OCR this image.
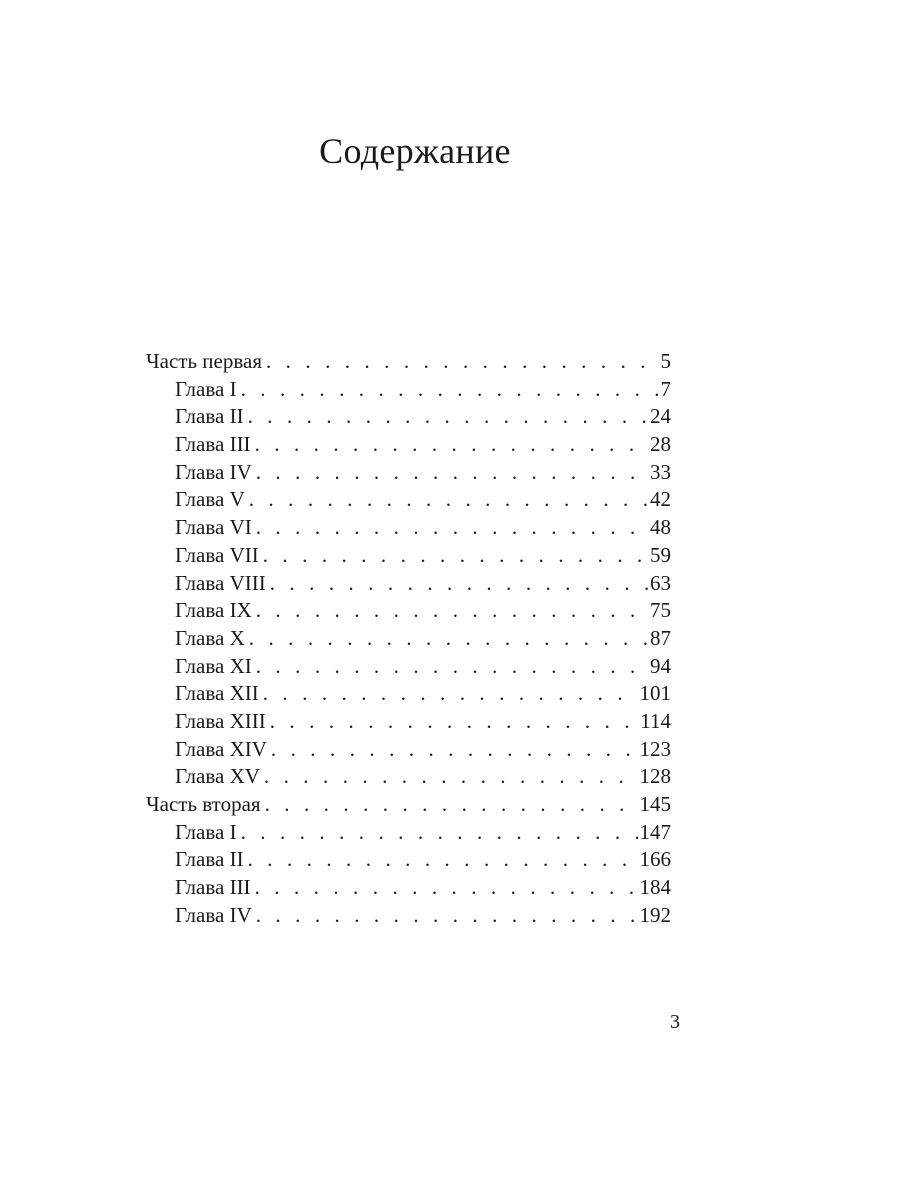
Содержание
Часть первая . . .	5
Глава I . . .	7
Глава II . . .	24
Глава III . . .	28
Глава IV . . .	33
Глава V . . .	42
Глава VI . . .	48
Глава VII . . .	59
Глава VIII . . .	63
Глава IX . . .	75
Глава X . . .	87
Глава XI . . .	94
Глава XII . . .	101
Глава XIII . . .	114
Глава XIV . . .	123
Глава XV . . .	128
Часть вторая . . .	145
Глава I . . .	147
Глава II . . .	166
Глава III . . .	184
Глава IV . . .	192
3
